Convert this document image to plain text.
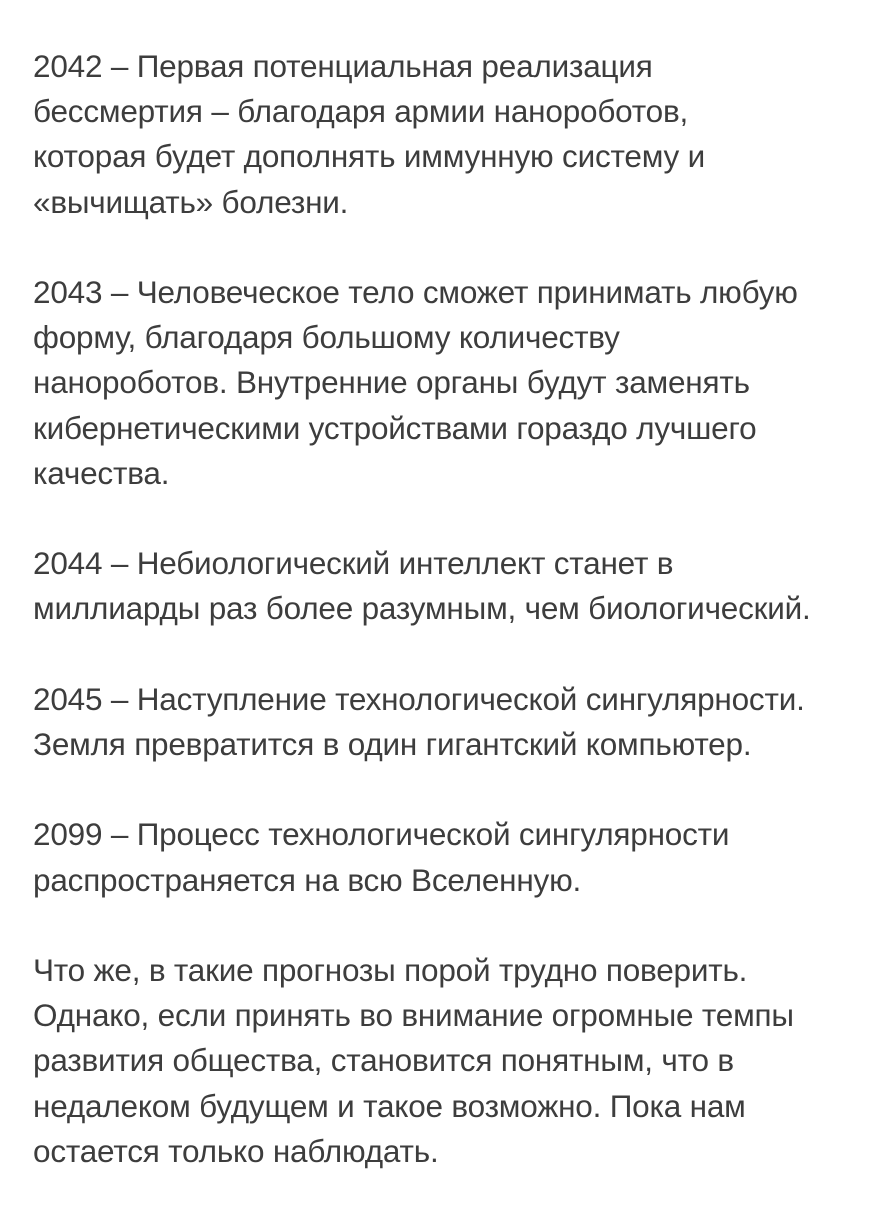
2042 – Первая потенциальная реализация
бессмертия – благодаря армии нанороботов,
которая будет дополнять иммунную систему и
«вычищать» болезни.

2043 – Человеческое тело сможет принимать любую
форму, благодаря большому количеству
нанороботов. Внутренние органы будут заменять
кибернетическими устройствами гораздо лучшего
качества.

2044 – Небиологический интеллект станет в
миллиарды раз более разумным, чем биологический.

2045 – Наступление технологической сингулярности.
Земля превратится в один гигантский компьютер.

2099 – Процесс технологической сингулярности
распространяется на всю Вселенную.

Что же, в такие прогнозы порой трудно поверить.
Однако, если принять во внимание огромные темпы
развития общества, становится понятным, что в
недалеком будущем и такое возможно. Пока нам
остается только наблюдать.
